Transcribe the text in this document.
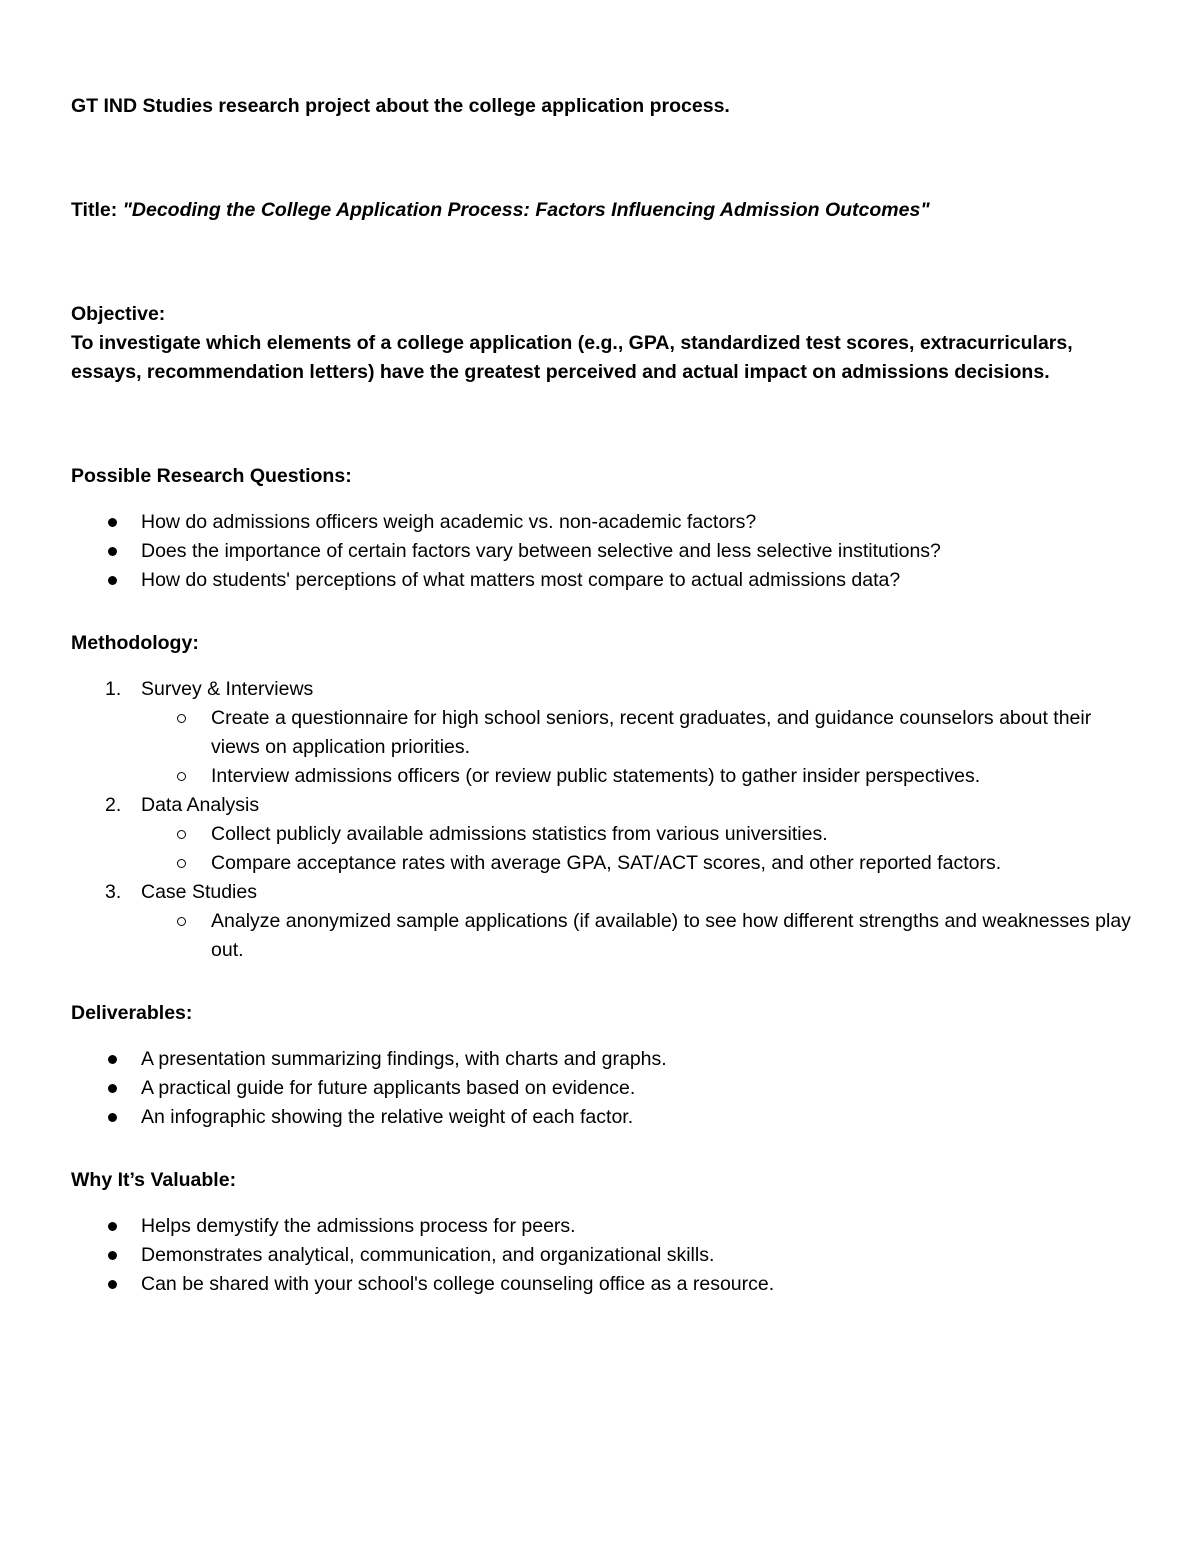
GT IND Studies research project about the college application process.

Title: "Decoding the College Application Process: Factors Influencing Admission Outcomes"

Objective:

To investigate which elements of a college application (e.g., GPA, standardized test scores, extracurriculars, essays, recommendation letters) have the greatest perceived and actual impact on admissions decisions.

Possible Research Questions:

How do admissions officers weigh academic vs. non-academic factors?
Does the importance of certain factors vary between selective and less selective institutions?
How do students' perceptions of what matters most compare to actual admissions data?

Methodology:

1. Survey & Interviews
Create a questionnaire for high school seniors, recent graduates, and guidance counselors about their views on application priorities.
Interview admissions officers (or review public statements) to gather insider perspectives.
2. Data Analysis
Collect publicly available admissions statistics from various universities.
Compare acceptance rates with average GPA, SAT/ACT scores, and other reported factors.
3. Case Studies
Analyze anonymized sample applications (if available) to see how different strengths and weaknesses play out.

Deliverables:

A presentation summarizing findings, with charts and graphs.
A practical guide for future applicants based on evidence.
An infographic showing the relative weight of each factor.

Why It’s Valuable:

Helps demystify the admissions process for peers.
Demonstrates analytical, communication, and organizational skills.
Can be shared with your school's college counseling office as a resource.
